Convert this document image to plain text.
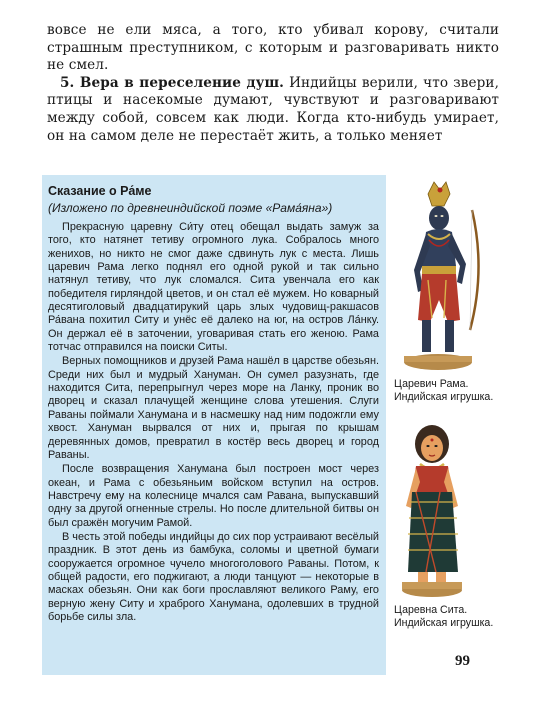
вовсе не ели мяса, а того, кто убивал корову, считали страшным преступником, с которым и разговаривать никто не смел.

5. Вера в переселение душ. Индийцы верили, что звери, птицы и насекомые думают, чувствуют и разговаривают между собой, совсем как люди. Когда кто-нибудь умирает, он на самом деле не перестаёт жить, а только меняет

Сказание о Ра́ме

(Изложено по древнеиндийской поэме «Рама́яна»)

Прекрасную царевну Си́ту отец обещал выдать замуж за того, кто натянет тетиву огромного лука. Собралось много женихов, но никто не смог даже сдвинуть лук с места. Лишь царевич Рама легко поднял его одной рукой и так сильно натянул тетиву, что лук сломался. Сита увенчала его как победителя гирляндой цветов, и он стал её мужем. Но коварный десятиголовый двадцатирукий царь злых чудовищ-ракшасов Ра́вана похитил Ситу и унёс её далеко на юг, на остров Ла́нку. Он держал её в заточении, уговаривая стать его женою. Рама тотчас отправился на поиски Ситы.

Верных помощников и друзей Рама нашёл в царстве обезьян. Среди них был и мудрый Хануман. Он сумел разузнать, где находится Сита, перепрыгнул через море на Ланку, проник во дворец и сказал плачущей женщине слова утешения. Слуги Раваны поймали Ханумана и в насмешку над ним подожгли ему хвост. Хануман вырвался от них и, прыгая по крышам деревянных домов, превратил в костёр весь дворец и город Раваны.

После возвращения Ханумана был построен мост через океан, и Рама с обезьяньим войском вступил на остров. Навстречу ему на колеснице мчался сам Равана, выпускавший одну за другой огненные стрелы. Но после длительной битвы он был сражён могучим Рамой.

В честь этой победы индийцы до сих пор устраивают весёлый праздник. В этот день из бамбука, соломы и цветной бумаги сооружается огромное чучело многоголового Раваны. Потом, к общей радости, его поджигают, а люди танцуют — некоторые в масках обезьян. Они как боги прославляют великого Раму, его верную жену Ситу и храброго Ханумана, одолевших в трудной борьбе силы зла.

Царевич Рама. Индийская игрушка.
Царевна Сита. Индийская игрушка.
99
